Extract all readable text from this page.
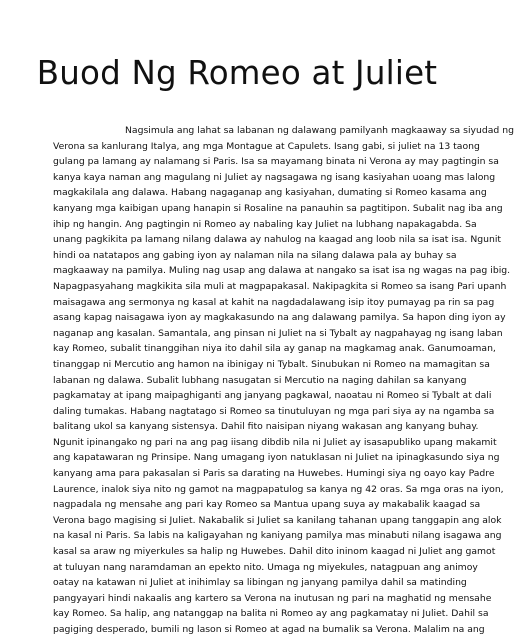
Buod Ng Romeo at Juliet
Nagsimula ang lahat sa labanan ng dalawang pamilyanh magkaaway sa siyudad ng
Verona sa kanlurang Italya, ang mga Montague at Capulets. Isang gabi, si juliet na 13 taong
gulang pa lamang ay nalamang si Paris. Isa sa mayamang binata ni Verona ay may pagtingin sa
kanya kaya naman ang magulang ni Juliet ay nagsagawa ng isang kasiyahan uoang mas lalong
magkakilala ang dalawa. Habang nagaganap ang kasiyahan, dumating si Romeo kasama ang
kanyang mga kaibigan upang hanapin si Rosaline na panauhin sa pagtitipon. Subalit nag iba ang
ihip ng hangin. Ang pagtingin ni Romeo ay nabaling kay Juliet na lubhang napakagabda. Sa
unang pagkikita pa lamang nilang dalawa ay nahulog na kaagad ang loob nila sa isat isa. Ngunit
hindi oa natatapos ang gabing iyon ay nalaman nila na silang dalawa pala ay buhay sa
magkaaway na pamilya. Muling nag usap ang dalawa at nangako sa isat isa ng wagas na pag ibig.
Napagpasyahang magkikita sila muli at magpapakasal. Nakipagkita si Romeo sa isang Pari upanh
maisagawa ang sermonya ng kasal at kahit na nagdadalawang isip itoy pumayag pa rin sa pag
asang kapag naisagawa iyon ay magkakasundo na ang dalawang pamilya. Sa hapon ding iyon ay
naganap ang kasalan. Samantala, ang pinsan ni Juliet na si Tybalt ay nagpahayag ng isang laban
kay Romeo, subalit tinanggihan niya ito dahil sila ay ganap na magkamag anak. Ganumoaman,
tinanggap ni Mercutio ang hamon na ibinigay ni Tybalt. Sinubukan ni Romeo na mamagitan sa
labanan ng dalawa. Subalit lubhang nasugatan si Mercutio na naging dahilan sa kanyang
pagkamatay at ipang maipaghiganti ang janyang pagkawal, naoatau ni Romeo si Tybalt at dali
daling tumakas. Habang nagtatago si Romeo sa tinutuluyan ng mga pari siya ay na ngamba sa
balitang ukol sa kanyang sistensya. Dahil fito naisipan niyang wakasan ang kanyang buhay.
Ngunit ipinangako ng pari na ang pag iisang dibdib nila ni Juliet ay isasapubliko upang makamit
ang kapatawaran ng Prinsipe. Nang umagang iyon natuklasan ni Juliet na ipinagkasundo siya ng
kanyang ama para pakasalan si Paris sa darating na Huwebes. Humingi siya ng oayo kay Padre
Laurence, inalok siya nito ng gamot na magpapatulog sa kanya ng 42 oras. Sa mga oras na iyon,
nagpadala ng mensahe ang pari kay Romeo sa Mantua upang suya ay makabalik kaagad sa
Verona bago magising si Juliet. Nakabalik si Juliet sa kanilang tahanan upang tanggapin ang alok
na kasal ni Paris. Sa labis na kaligayahan ng kaniyang pamilya mas minabuti nilang isagawa ang
kasal sa araw ng miyerkules sa halip ng Huwebes. Dahil dito ininom kaagad ni Juliet ang gamot
at tuluyan nang naramdaman an epekto nito. Umaga ng miyekules, natagpuan ang animoy
oatay na katawan ni Juliet at inihimlay sa libingan ng janyang pamilya dahil sa matinding
pangyayari hindi nakaalis ang kartero sa Verona na inutusan ng pari na maghatid ng mensahe
kay Romeo. Sa halip, ang natanggap na balita ni Romeo ay ang pagkamatay ni Juliet. Dahil sa
pagiging desperado, bumili ng lason si Romeo at agad na bumalik sa Verona. Malalim na ang
